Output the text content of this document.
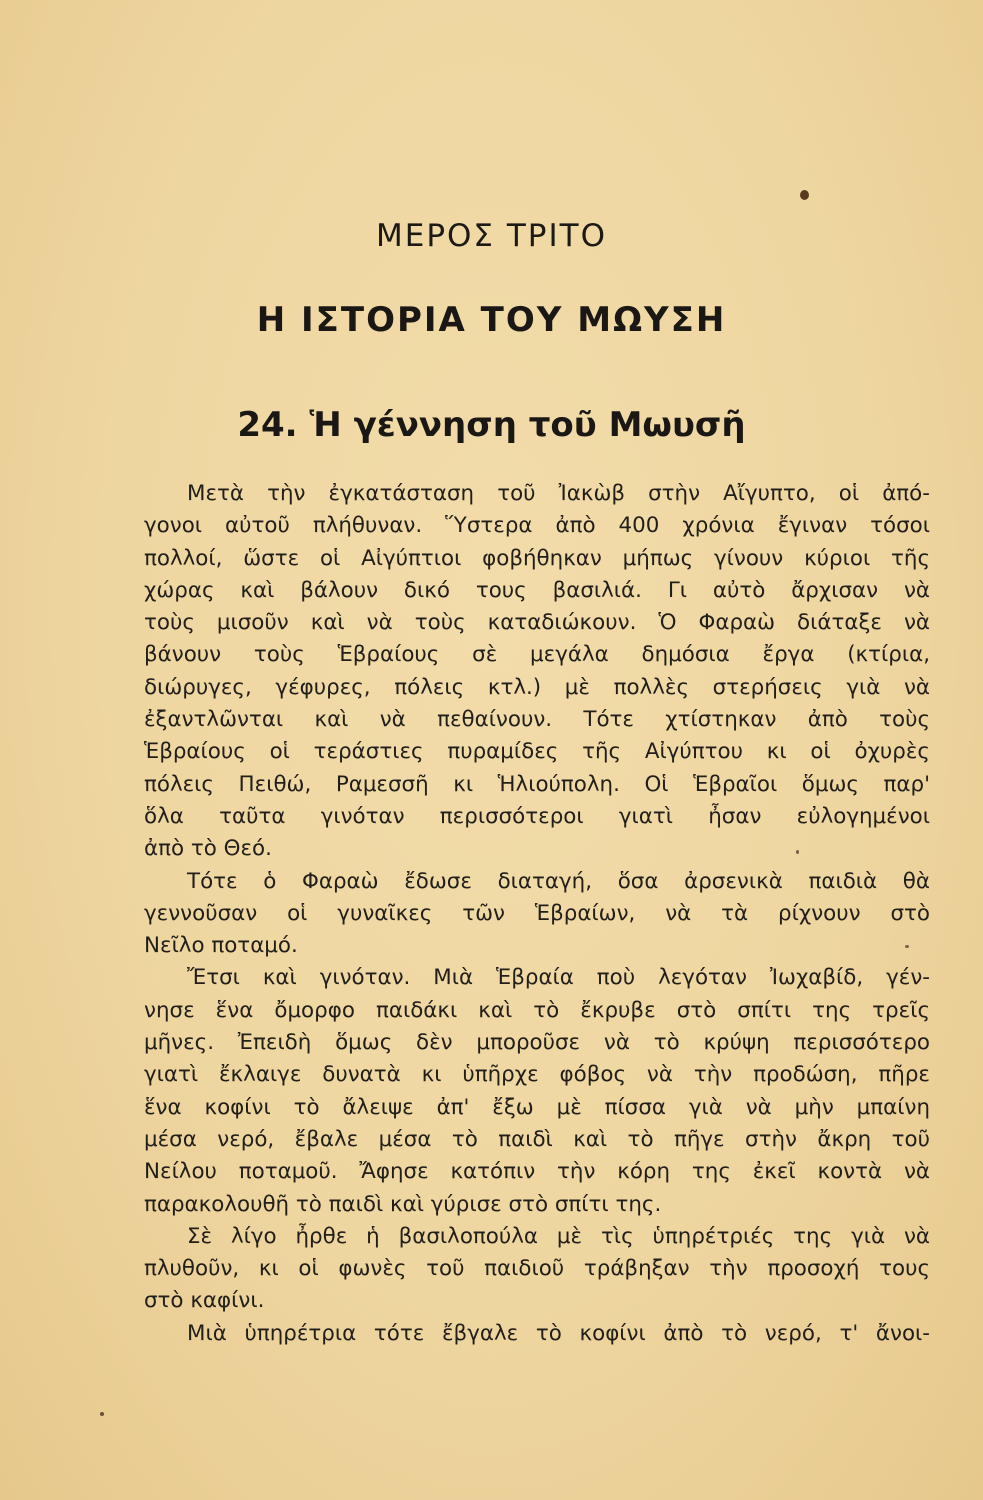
ΜΕΡΟΣ ΤΡΙΤΟ
Η ΙΣΤΟΡΙΑ ΤΟΥ ΜΩΥΣΗ
24. Ἡ γέννηση τοῦ Μωυσῆ
Μετὰ τὴν ἐγκατάσταση τοῦ Ἰακὼβ στὴν Αἴγυπτο, οἱ ἀπό-
γονοι αὐτοῦ πλήθυναν. Ὕστερα ἀπὸ 400 χρόνια ἔγιναν τόσοι
πολλοί, ὥστε οἱ Αἰγύπτιοι φοβήθηκαν μήπως γίνουν κύριοι τῆς
χώρας καὶ βάλουν δικό τους βασιλιά. Γι αὐτὸ ἄρχισαν νὰ
τοὺς μισοῦν καὶ νὰ τοὺς καταδιώκουν. Ὁ Φαραὼ διάταξε νὰ
βάνουν τοὺς Ἑβραίους σὲ μεγάλα δημόσια ἔργα (κτίρια,
διώρυγες, γέφυρες, πόλεις κτλ.) μὲ πολλὲς στερήσεις γιὰ νὰ
ἐξαντλῶνται καὶ νὰ πεθαίνουν. Τότε χτίστηκαν ἀπὸ τοὺς
Ἑβραίους οἱ τεράστιες πυραμίδες τῆς Αἰγύπτου κι οἱ ὀχυρὲς
πόλεις Πειθώ, Ραμεσσῆ κι Ἡλιούπολη. Οἱ Ἑβραῖοι ὅμως παρ'
ὅλα ταῦτα γινόταν περισσότεροι γιατὶ ἦσαν εὐλογημένοι
ἀπὸ τὸ Θεό.
Τότε ὁ Φαραὼ ἔδωσε διαταγή, ὅσα ἀρσενικὰ παιδιὰ θὰ
γεννοῦσαν οἱ γυναῖκες τῶν Ἑβραίων, νὰ τὰ ρίχνουν στὸ
Νεῖλο ποταμό.
Ἔτσι καὶ γινόταν. Μιὰ Ἑβραία ποὺ λεγόταν Ἰωχαβίδ, γέν-
νησε ἕνα ὄμορφο παιδάκι καὶ τὸ ἔκρυβε στὸ σπίτι της τρεῖς
μῆνες. Ἐπειδὴ ὅμως δὲν μποροῦσε νὰ τὸ κρύψη περισσότερο
γιατὶ ἔκλαιγε δυνατὰ κι ὑπῆρχε φόβος νὰ τὴν προδώση, πῆρε
ἕνα κοφίνι τὸ ἄλειψε ἀπ' ἔξω μὲ πίσσα γιὰ νὰ μὴν μπαίνη
μέσα νερό, ἔβαλε μέσα τὸ παιδὶ καὶ τὸ πῆγε στὴν ἄκρη τοῦ
Νείλου ποταμοῦ. Ἄφησε κατόπιν τὴν κόρη της ἐκεῖ κοντὰ νὰ
παρακολουθῆ τὸ παιδὶ καὶ γύρισε στὸ σπίτι της.
Σὲ λίγο ἦρθε ἡ βασιλοπούλα μὲ τὶς ὑπηρέτριές της γιὰ νὰ
πλυθοῦν, κι οἱ φωνὲς τοῦ παιδιοῦ τράβηξαν τὴν προσοχή τους
στὸ καφίνι.
Μιὰ ὑπηρέτρια τότε ἔβγαλε τὸ κοφίνι ἀπὸ τὸ νερό, τ' ἄνοι-
